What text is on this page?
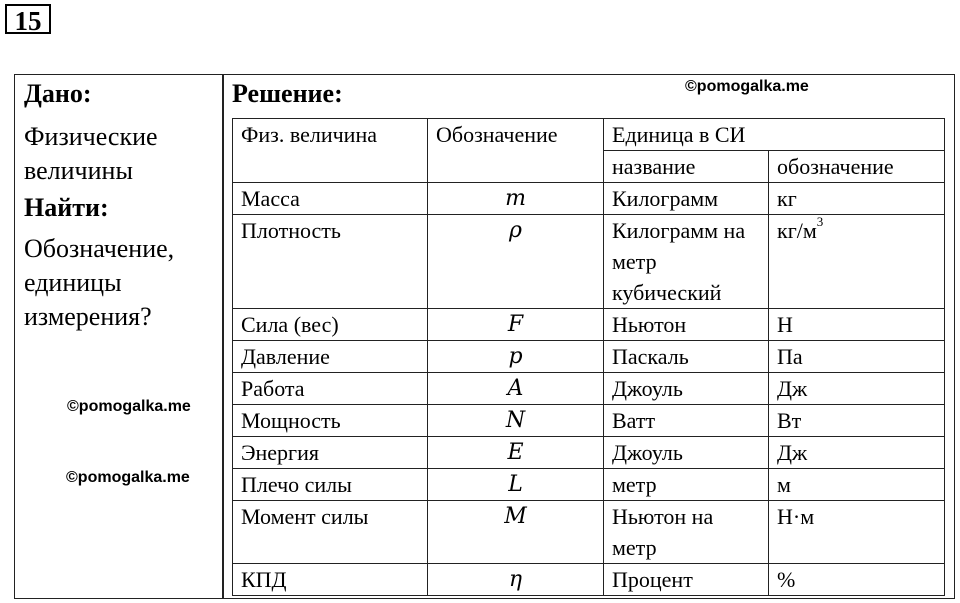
15
Дано:
Физические
величины
Найти:
Обозначение,
единицы
измерения?
©pomogalka.me
©pomogalka.me
©pomogalka.me
Решение:
Физ. величина	Обозначение	Единица в СИ	
		название	обозначение
Масса	m	Килограмм	кг
Плотность	ρ	Килограмм на метр кубический	$кг/м^3$
Сила (вес)	F	Ньютон	Н
Давление	p	Паскаль	Па
Работа	A	Джоуль	Дж
Мощность	N	Ватт	Вт
Энергия	E	Джоуль	Дж
Плечо силы	L	метр	м
Момент силы	M	Ньютон на метр	Н·м
КПД	η	Процент	%
